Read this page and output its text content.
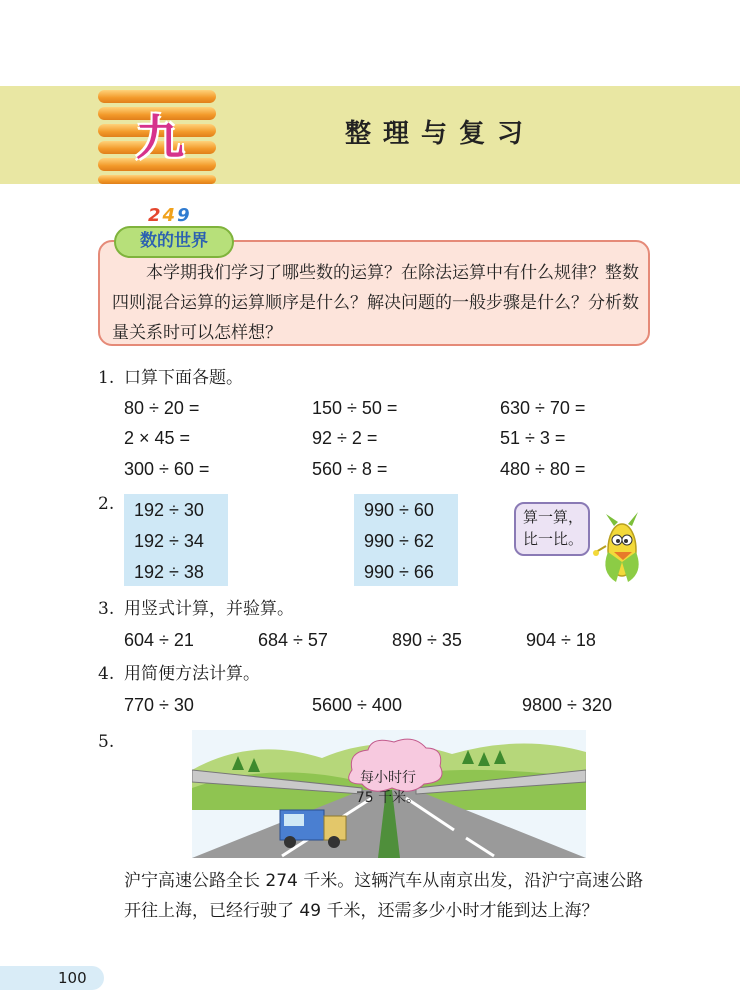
九	整理与复习
2 4 9
数的世界
本学期我们学习了哪些数的运算？在除法运算中有什么规律？整数四则混合运算的运算顺序是什么？解决问题的一般步骤是什么？分析数量关系时可以怎样想？
1. 口算下面各题。
80 ÷ 20 =	150 ÷ 50 =	630 ÷ 70 =
2 × 45 =	92 ÷ 2 =	51 ÷ 3 =
300 ÷ 60 =	560 ÷ 8 =	480 ÷ 80 =
2. 192 ÷ 30
192 ÷ 34
192 ÷ 38
990 ÷ 60
990 ÷ 62
990 ÷ 66
算一算，
比一比。
3. 用竖式计算，并验算。
604 ÷ 21	684 ÷ 57	890 ÷ 35	904 ÷ 18
4. 用简便方法计算。
770 ÷ 30	5600 ÷ 400	9800 ÷ 320
5.
每小时行
75 千米。
沪宁高速公路全长 274 千米。这辆汽车从南京出发，沿沪宁高速公路开往上海，已经行驶了 49 千米，还需多少小时才能到达上海？
100
